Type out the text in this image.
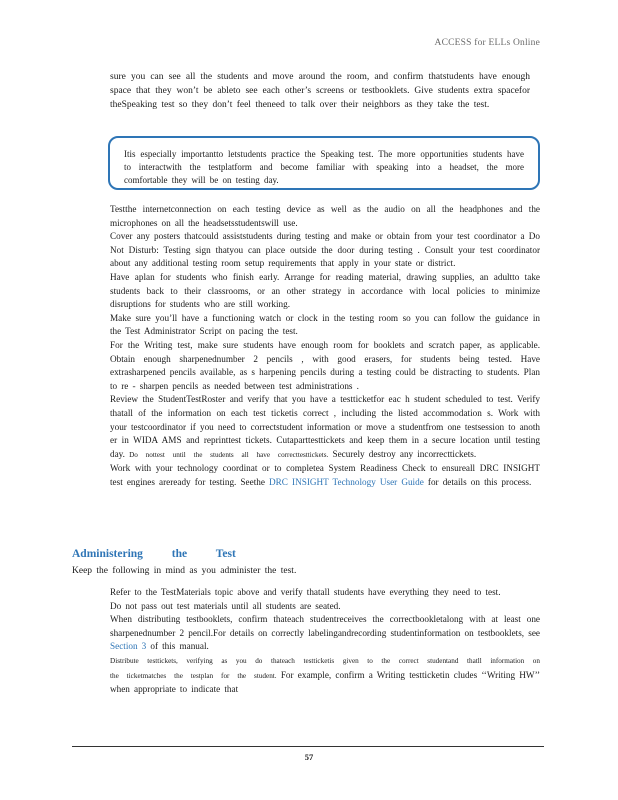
ACCESS for ELLs Online

sure you can see all the students and move around the room, and confirm thatstudents have enough space that they won’t be ableto see each other’s screens or testbooklets. Give students extra spacefor theSpeaking test so they don’t feel theneed to talk over their neighbors as they take the test.

Itis especially importantto letstudents practice the Speaking test. The more opportunities students have to interactwith the testplatform and become familiar with speaking into a headset, the more comfortable they will be on testing day.

Testthe internetconnection on each testing device as well as the audio on all the headphones and the microphones on all the headsetsstudentswill use.
Cover any posters thatcould assiststudents during testing and make or obtain from your test coordinator a Do Not Disturb: Testing sign thatyou can place outside the door during testing . Consult your test coordinator about any additional testing room setup requirements that apply in your state or district.
Have aplan for students who finish early. Arrange for reading material, drawing supplies, an adultto take students back to their classrooms, or an other strategy in accordance with local policies to minimize disruptions for students who are still working.
Make sure you’ll have a functioning watch or clock in the testing room so you can follow the guidance in the Test Administrator Script on pacing the test.
For the Writing test, make sure students have enough room for booklets and scratch paper, as applicable. Obtain enough sharpenednumber 2 pencils , with good erasers, for students being tested. Have extrasharpened pencils available, as s harpening pencils during a testing could be distracting to students. Plan to re - sharpen pencils as needed between test administrations .
Review the StudentTestRoster and verify that you have a testticketfor eac h student scheduled to test. Verify thatall of the information on each test ticketis correct , including the listed accommodation s. Work with your testcoordinator if you need to correctstudent information or move a studentfrom one testsession to anoth er in WIDA AMS and reprinttest tickets. Cutaparttesttickets and keep them in a secure location until testing day. Do nottest until the students all have correcttesttickets. Securely destroy any incorrecttickets.
Work with your technology coordinat or to completea System Readiness Check to ensureall DRC INSIGHT test engines areready for testing. Seethe DRC INSIGHT Technology User Guide for details on this process.
Administering the Test
Keep the following in mind as you administer the test.
Refer to the TestMaterials topic above and verify thatall students have everything they need to test.
Do not pass out test materials until all students are seated.
When distributing testbooklets, confirm thateach studentreceives the correctbookletalong with at least one sharpenednumber 2 pencil.For details on correctly labelingandrecording studentinformation on testbooklets, see Section 3 of this manual.
Distribute testtickets, verifying as you do thateach testticketis given to the correct studentand thatll information on the ticketmatches the testplan for the student. For example, confirm a Writing testticketin cludes ‘‘Writing HW’’ when appropriate to indicate that
57
